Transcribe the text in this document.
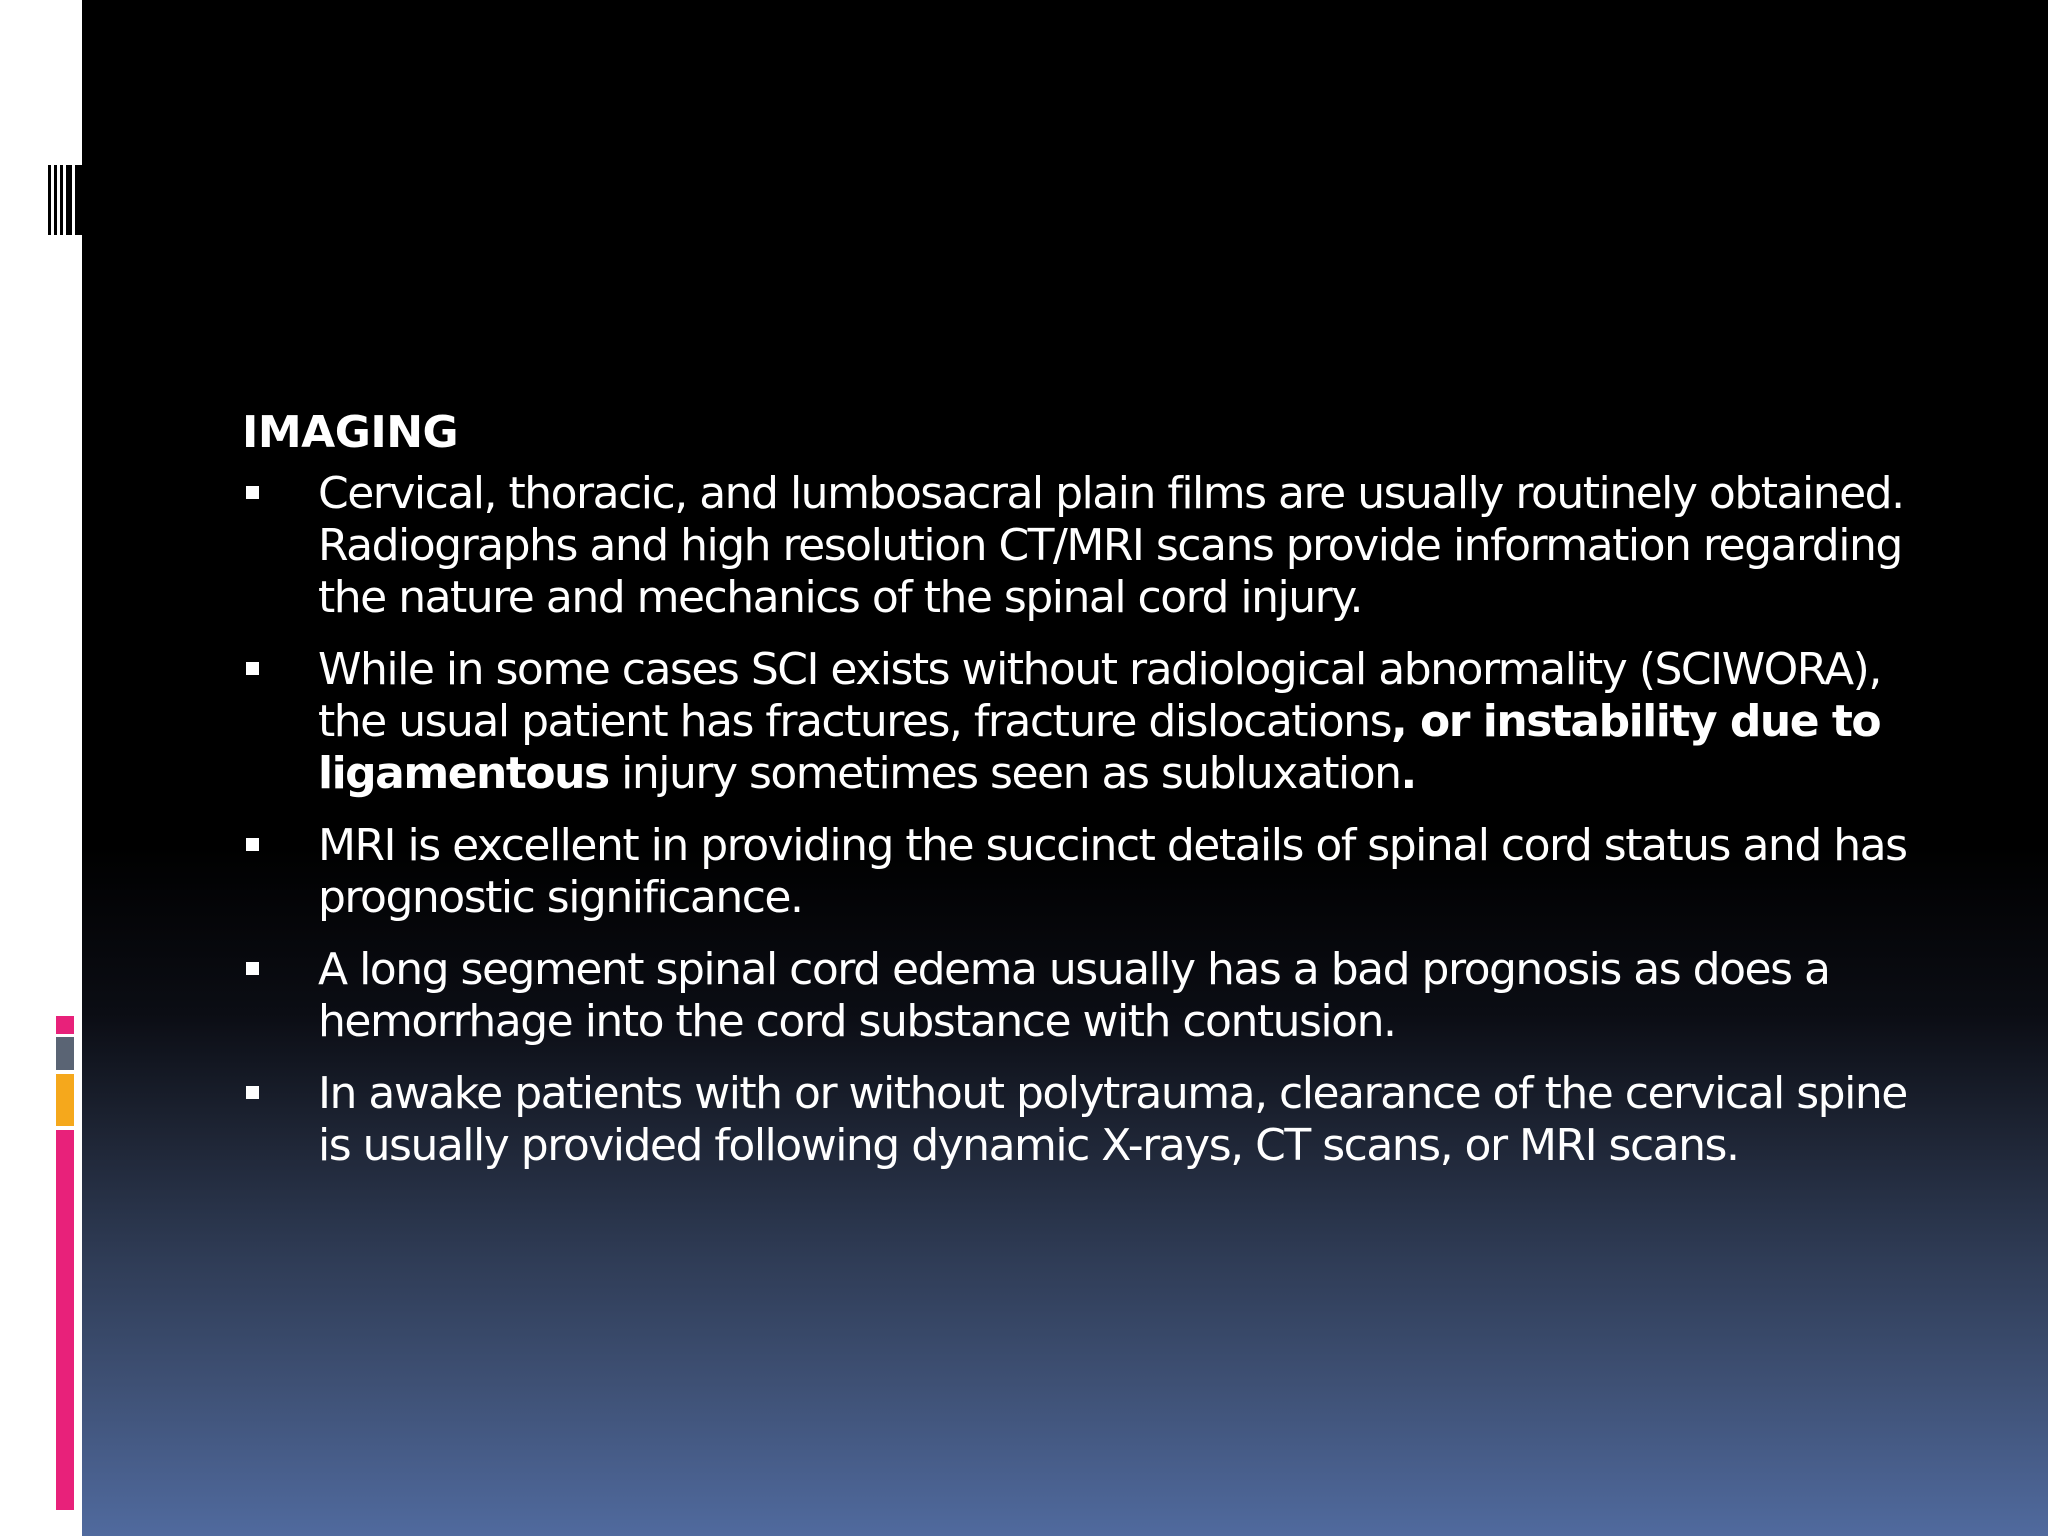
IMAGING
Cervical, thoracic, and lumbosacral plain films are usually routinely obtained. Radiographs and high resolution CT/MRI scans provide information regarding the nature and mechanics of the spinal cord injury.
While in some cases SCI exists without radiological abnormality (SCIWORA), the usual patient has fractures, fracture dislocations, or instability due to ligamentous injury sometimes seen as subluxation.
MRI is excellent in providing the succinct details of spinal cord status and has prognostic significance.
A long segment spinal cord edema usually has a bad prognosis as does a hemorrhage into the cord substance with contusion.
In awake patients with or without polytrauma, clearance of the cervical spine is usually provided following dynamic X-rays, CT scans, or MRI scans.
